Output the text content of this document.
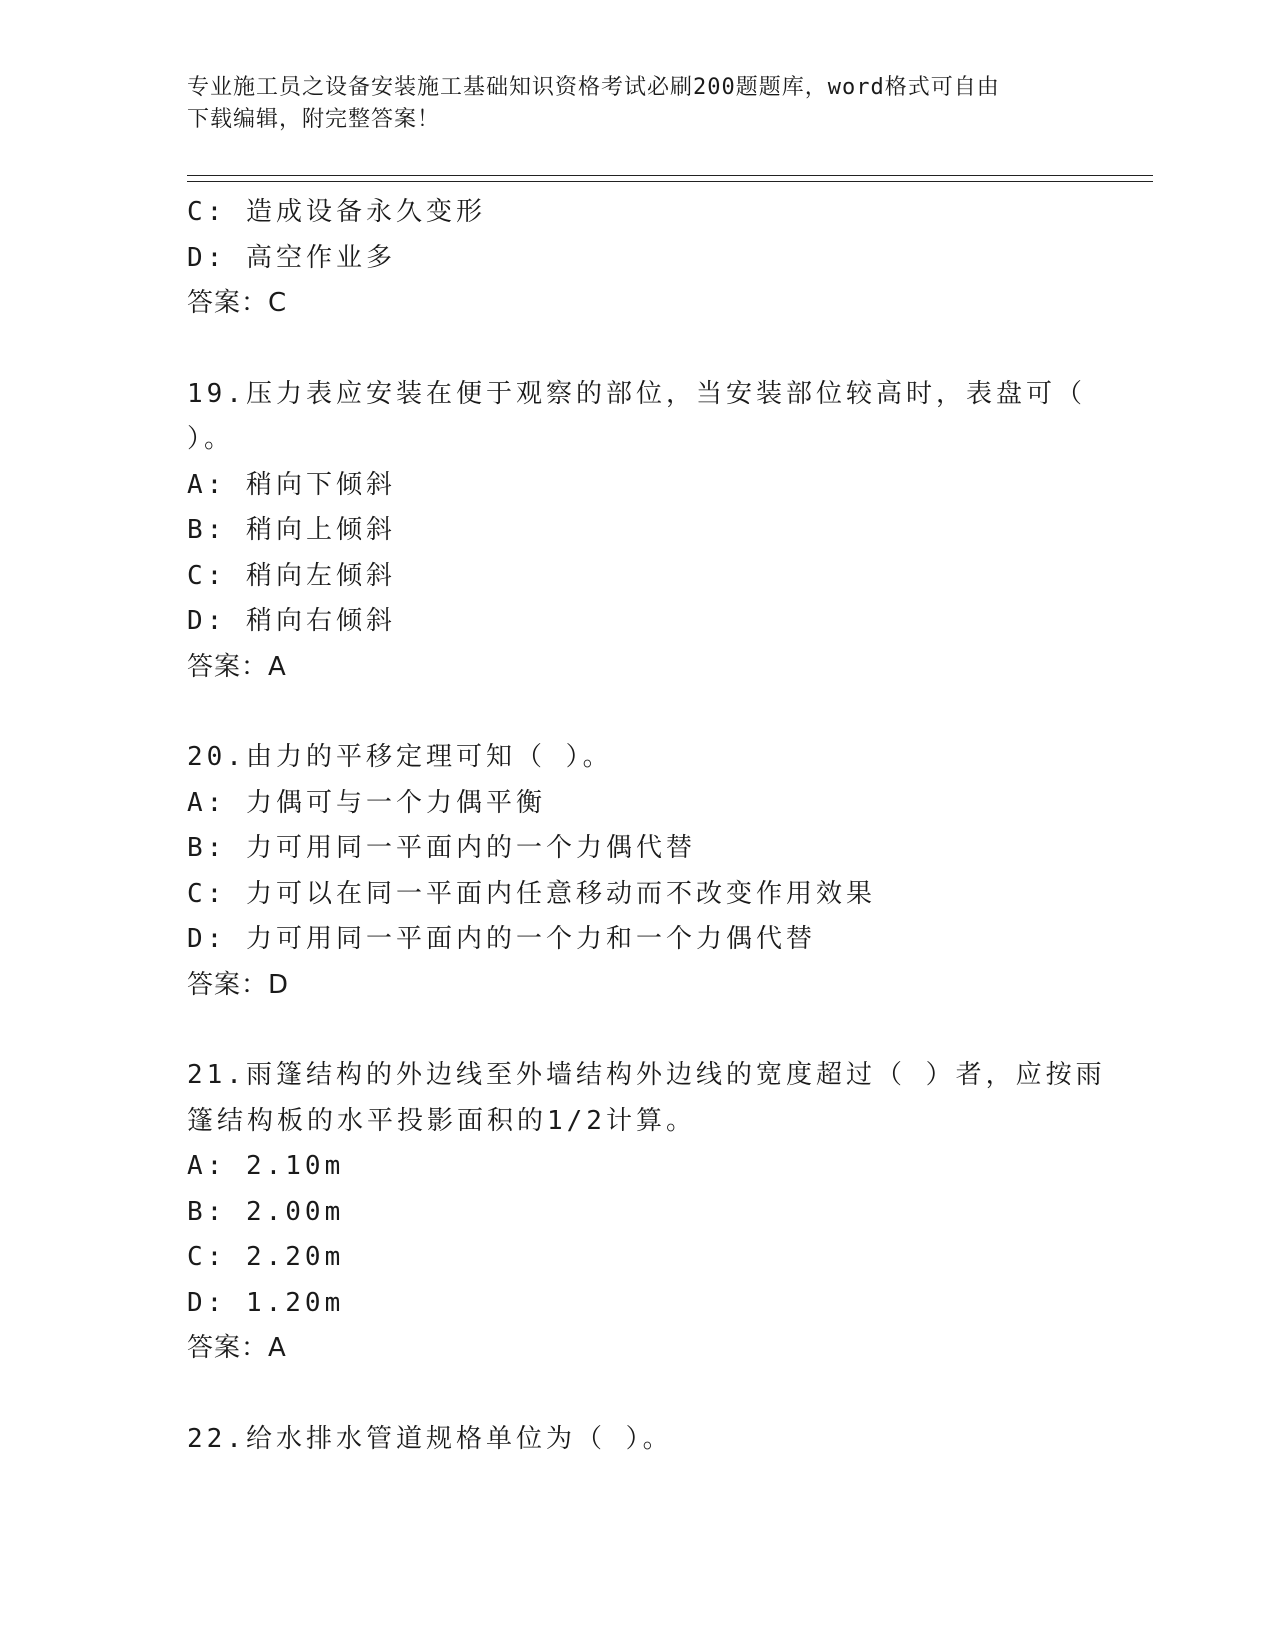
专业施工员之设备安装施工基础知识资格考试必刷200题题库，word格式可自由
下载编辑，附完整答案！
C: 造成设备永久变形
D: 高空作业多
答案：C
19.压力表应安装在便于观察的部位，当安装部位较高时，表盘可（
）。
A: 稍向下倾斜
B: 稍向上倾斜
C: 稍向左倾斜
D: 稍向右倾斜
答案：A
20.由力的平移定理可知（ ）。
A: 力偶可与一个力偶平衡
B: 力可用同一平面内的一个力偶代替
C: 力可以在同一平面内任意移动而不改变作用效果
D: 力可用同一平面内的一个力和一个力偶代替
答案：D
21.雨篷结构的外边线至外墙结构外边线的宽度超过（ ）者，应按雨
篷结构板的水平投影面积的1/2计算。
A: 2.10m
B: 2.00m
C: 2.20m
D: 1.20m
答案：A
22.给水排水管道规格单位为（ ）。
